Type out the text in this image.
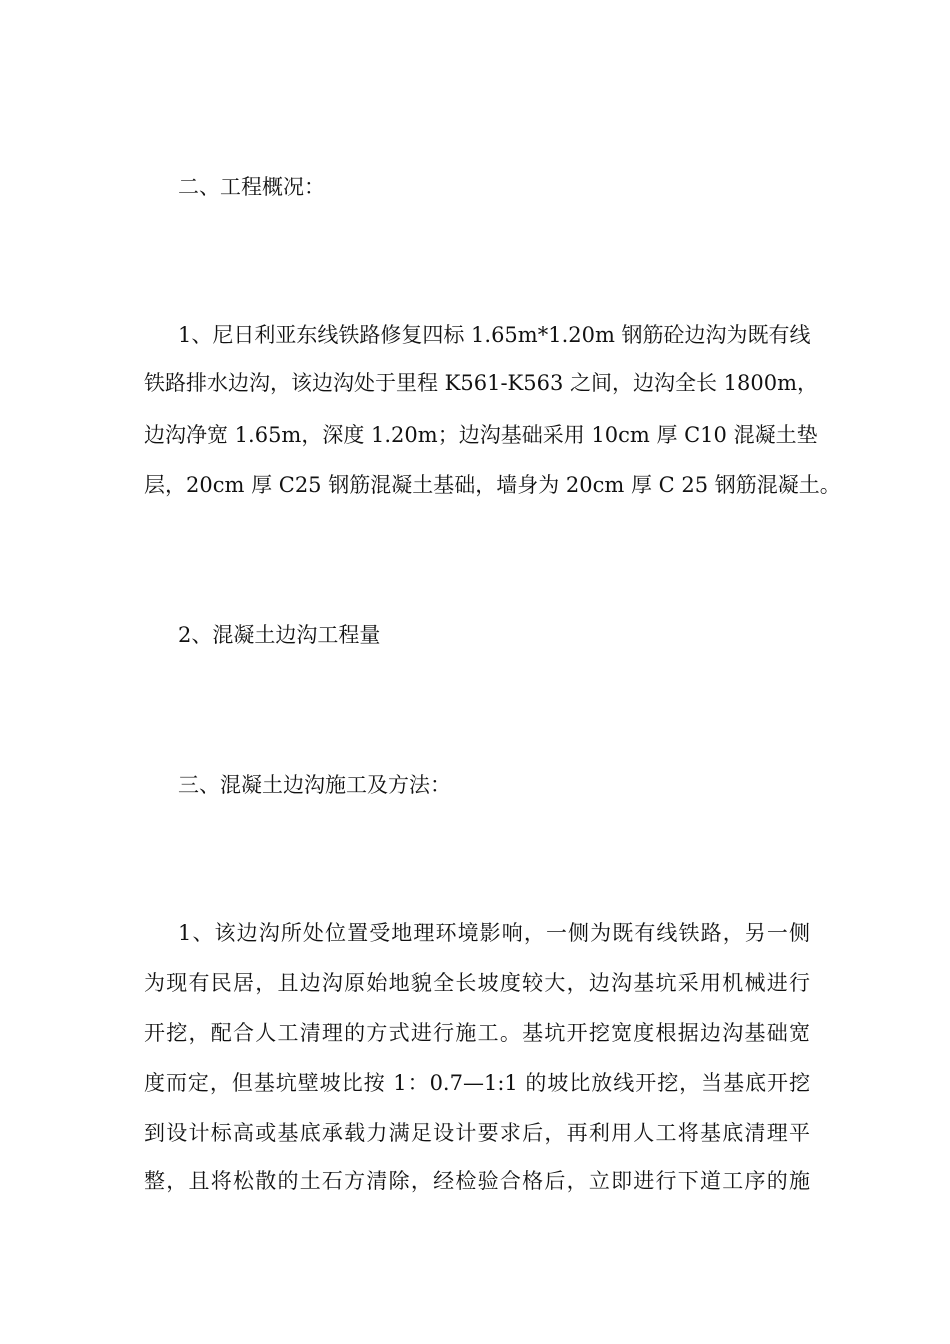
二、工程概况：
1、尼日利亚东线铁路修复四标 1.65m*1.20m 钢筋砼边沟为既有线
铁路排水边沟，该边沟处于里程 K561-K563 之间，边沟全长 1800m，
边沟净宽 1.65m，深度 1.20m；边沟基础采用 10cm 厚 C10 混凝土垫
层，20cm 厚 C25 钢筋混凝土基础，墙身为 20cm 厚 C 25 钢筋混凝土。
2、混凝土边沟工程量
三、混凝土边沟施工及方法：
1、该边沟所处位置受地理环境影响，一侧为既有线铁路，另一侧
为现有民居，且边沟原始地貌全长坡度较大，边沟基坑采用机械进行
开挖，配合人工清理的方式进行施工。基坑开挖宽度根据边沟基础宽
度而定，但基坑壁坡比按 1：0.7—1:1 的坡比放线开挖，当基底开挖
到设计标高或基底承载力满足设计要求后，再利用人工将基底清理平
整，且将松散的土石方清除，经检验合格后，立即进行下道工序的施
